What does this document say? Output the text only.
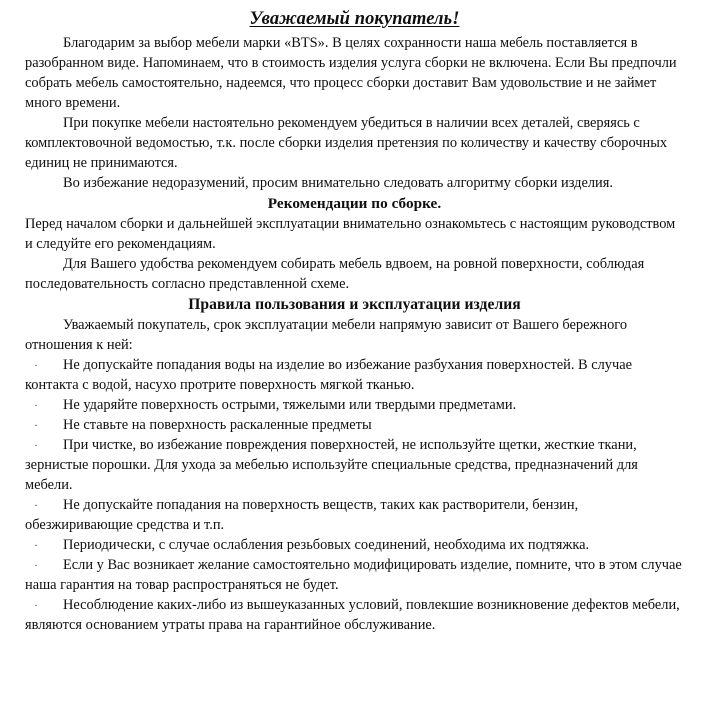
Уважаемый покупатель!

Благодарим за выбор мебели марки «BTS». В целях сохранности наша мебель поставляется в разобранном виде. Напоминаем, что в стоимость изделия услуга сборки не включена. Если Вы предпочли собрать мебель самостоятельно, надеемся, что процесс сборки доставит Вам удовольствие и не займет много времени.

При покупке мебели настоятельно рекомендуем убедиться в наличии всех деталей, сверяясь с комплектовочной ведомостью, т.к. после сборки изделия претензия по количеству и качеству сборочных единиц не принимаются.

Во избежание недоразумений, просим внимательно следовать алгоритму сборки изделия.

Рекомендации по сборке.

Перед началом сборки и дальнейшей эксплуатации внимательно ознакомьтесь с настоящим руководством и следуйте его рекомендациям.

Для Вашего удобства рекомендуем собирать мебель вдвоем, на ровной поверхности, соблюдая последовательность согласно представленной схеме.

Правила пользования и эксплуатации изделия

Уважаемый покупатель, срок эксплуатации мебели напрямую зависит от Вашего бережного отношения к ней:

·	Не допускайте попадания воды на изделие во избежание разбухания поверхностей. В случае контакта с водой, насухо протрите поверхность мягкой тканью.
·	Не ударяйте поверхность острыми, тяжелыми или твердыми предметами.
·	Не ставьте на поверхность раскаленные предметы
·	При чистке, во избежание повреждения поверхностей, не используйте щетки, жесткие ткани, зернистые порошки. Для ухода за мебелью используйте специальные средства, предназначений для мебели.
·	Не допускайте попадания на поверхность веществ, таких как растворители, бензин, обезжиривающие средства и т.п.
·	Периодически, с случае ослабления резьбовых соединений, необходима их подтяжка.
·	Если у Вас возникает желание самостоятельно модифицировать изделие, помните, что в этом случае наша гарантия на товар распространяться не будет.
·	Несоблюдение каких-либо из вышеуказанных условий, повлекшие возникновение дефектов мебели, являются основанием утраты права на гарантийное обслуживание.
